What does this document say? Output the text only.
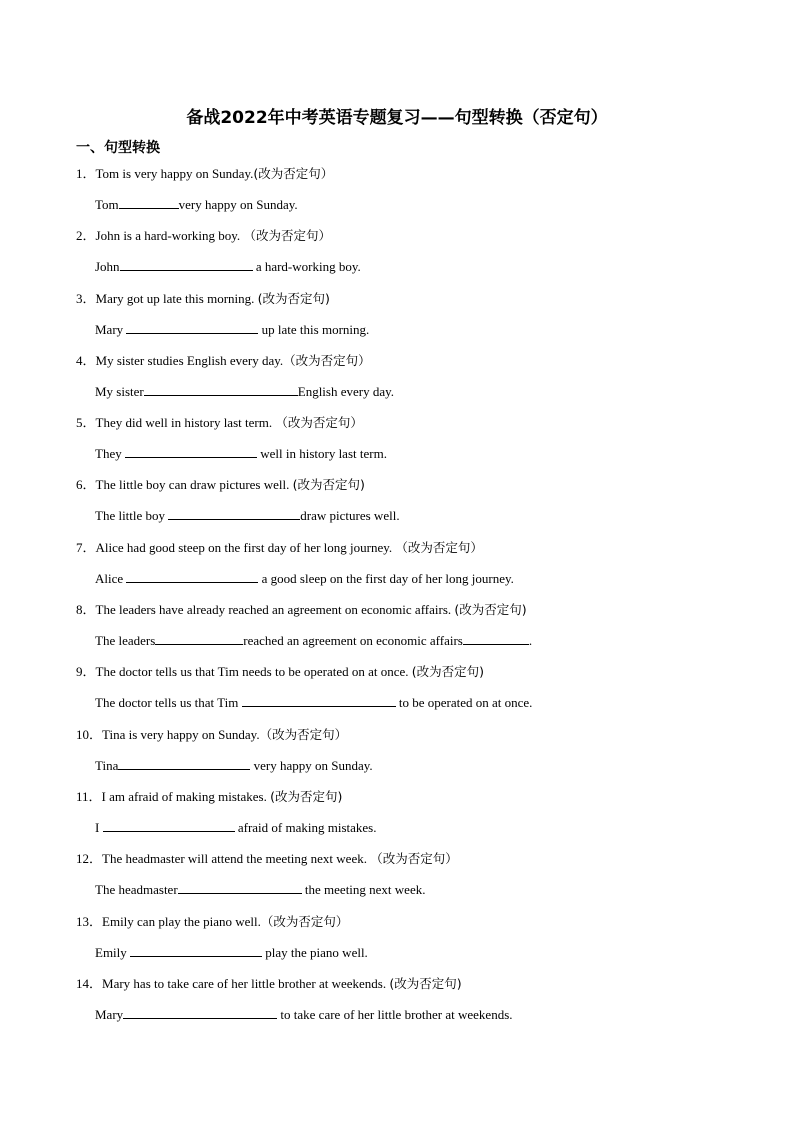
备战2022年中考英语专题复习——句型转换（否定句）
一、句型转换
1．Tom is very happy on Sunday.(改为否定句）
Tom	very happy on Sunday.
2．John is a hard-working boy. （改为否定句）
John	a hard-working boy.
3．Mary got up late this morning. (改为否定句)
Mary	up late this morning.
4．My sister studies English every day.（改为否定句）
My sister	English every day.
5．They did well in history last term. （改为否定句）
They	well in history last term.
6．The little boy can draw pictures well. (改为否定句)
The little boy	draw pictures well.
7．Alice had good steep on the first day of her long journey. （改为否定句）
Alice	a good sleep on the first day of her long journey.
8．The leaders have already reached an agreement on economic affairs. (改为否定句)
The leaders	reached an agreement on economic affairs	.
9．The doctor tells us that Tim needs to be operated on at once. (改为否定句)
The doctor tells us that Tim	to be operated on at once.
10．Tina is very happy on Sunday.（改为否定句）
Tina	very happy on Sunday.
11．I am afraid of making mistakes. (改为否定句)
I	afraid of making mistakes.
12．The headmaster will attend the meeting next week. （改为否定句）
The headmaster	the meeting next week.
13．Emily can play the piano well.（改为否定句）
Emily	play the piano well.
14．Mary has to take care of her little brother at weekends. (改为否定句)
Mary	to take care of her little brother at weekends.
